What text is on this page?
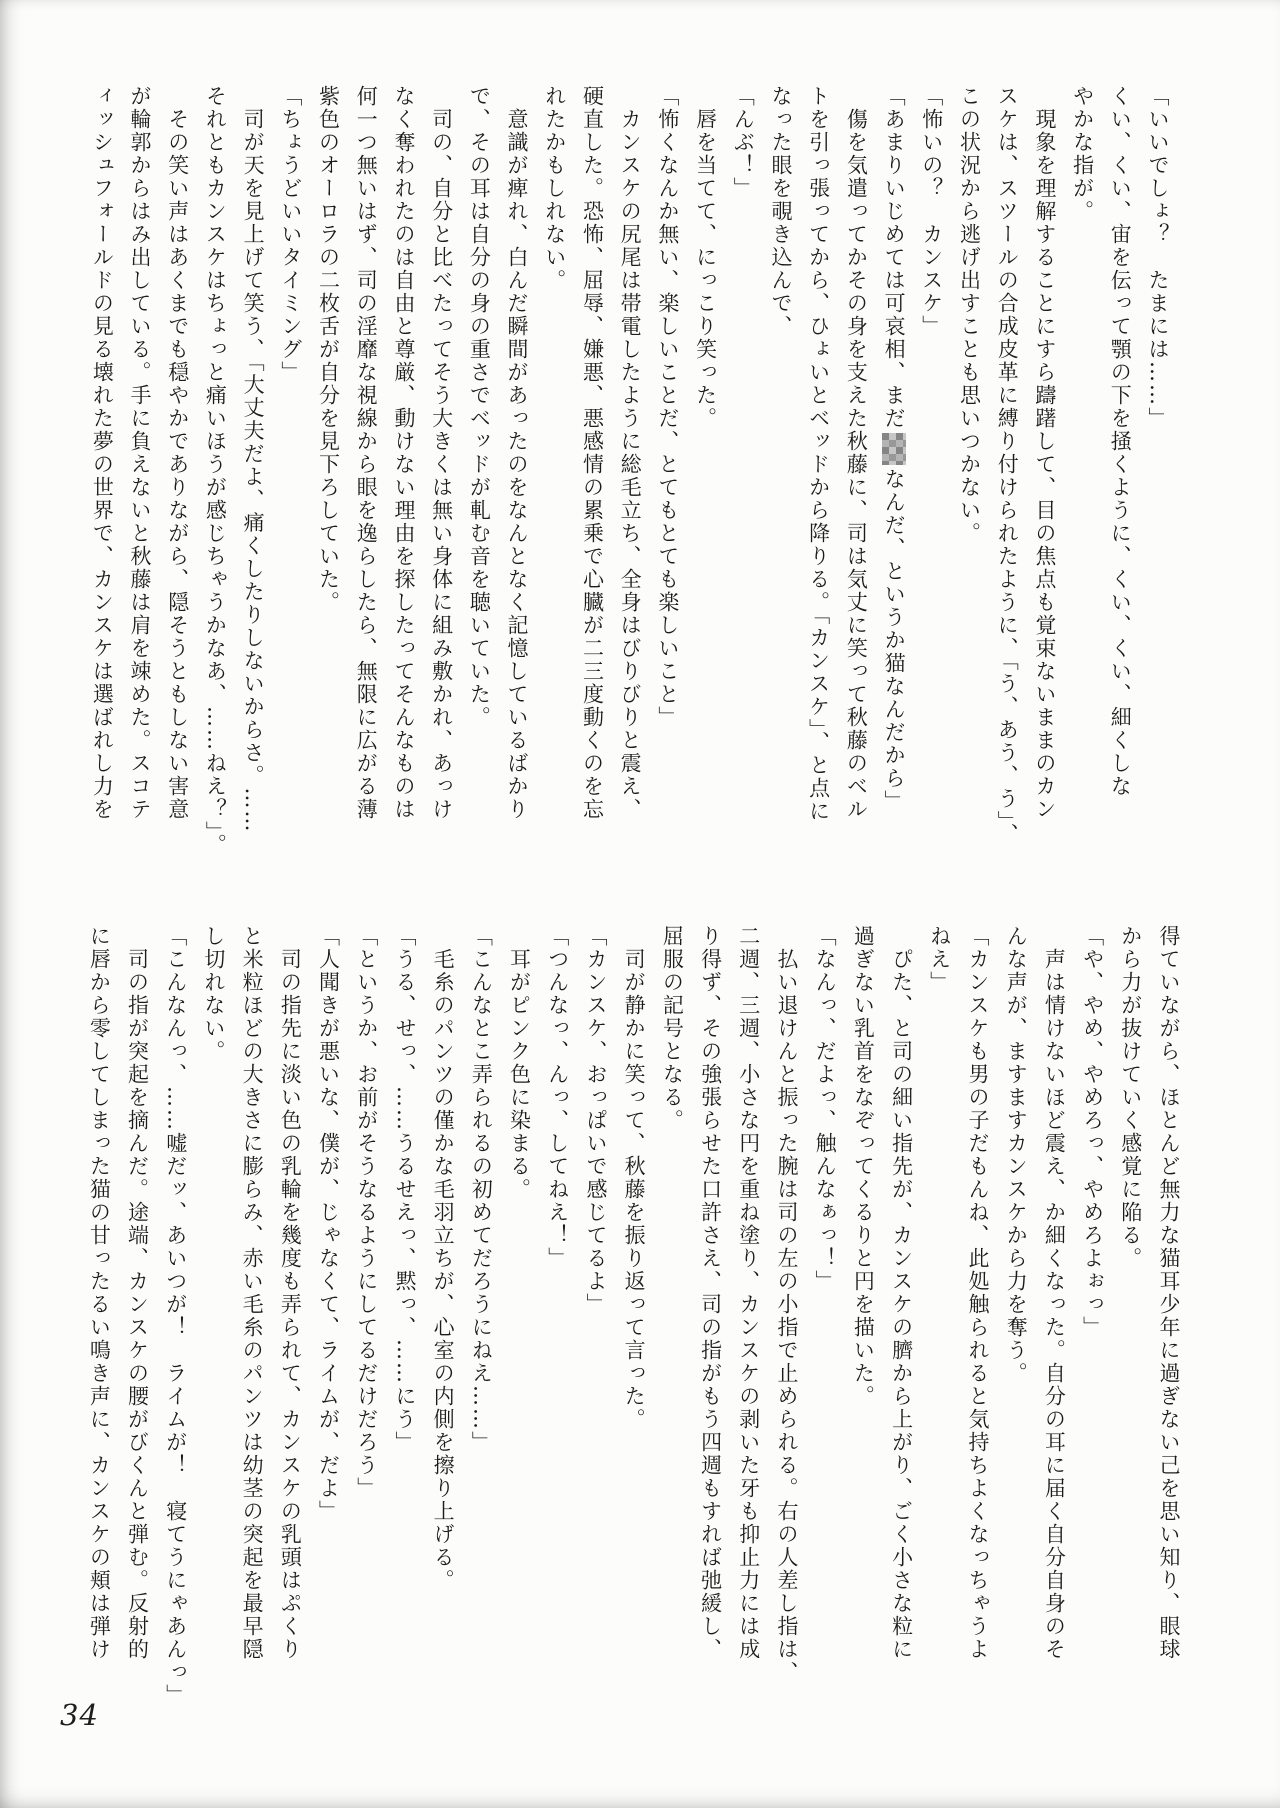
「いいでしょ？　たまには……」

くい、くい、宙を伝って顎の下を掻くように、くい、くい、細くしな

やかな指が。

　現象を理解することにすら躊躇して、目の焦点も覚束ないままのカン

スケは、スツールの合成皮革に縛り付けられたように、「う、あう、う」、

この状況から逃げ出すことも思いつかない。

「怖いの？　カンスケ」

「あまりいじめては可哀相、まだなんだ、というか猫なんだから」

　傷を気遣ってかその身を支えた秋藤に、司は気丈に笑って秋藤のベル

トを引っ張ってから、ひょいとベッドから降りる。「カンスケ」、と点に

なった眼を覗き込んで、

「んぶ！」

　唇を当てて、にっこり笑った。

「怖くなんか無い、楽しいことだ、とてもとても楽しいこと」

　カンスケの尻尾は帯電したように総毛立ち、全身はびりびりと震え、

硬直した。恐怖、屈辱、嫌悪、悪感情の累乗で心臓が二三度動くのを忘

れたかもしれない。

　意識が痺れ、白んだ瞬間があったのをなんとなく記憶しているばかり

で、その耳は自分の身の重さでベッドが軋む音を聴いていた。

　司の、自分と比べたってそう大きくは無い身体に組み敷かれ、あっけ

なく奪われたのは自由と尊厳、動けない理由を探したってそんなものは

何一つ無いはず、司の淫靡な視線から眼を逸らしたら、無限に広がる薄

紫色のオーロラの二枚舌が自分を見下ろしていた。

「ちょうどいいタイミング」

　司が天を見上げて笑う、「大丈夫だよ、痛くしたりしないからさ。……

それともカンスケはちょっと痛いほうが感じちゃうかなあ、……ねえ？」。

　その笑い声はあくまでも穏やかでありながら、隠そうともしない害意

が輪郭からはみ出している。手に負えないと秋藤は肩を竦めた。スコテ

ィッシュフォールドの見る壊れた夢の世界で、カンスケは選ばれし力を

得ていながら、ほとんど無力な猫耳少年に過ぎない己を思い知り、眼球

から力が抜けていく感覚に陥る。

「や、やめ、やめろっ、やめろよぉっ」

　声は情けないほど震え、か細くなった。自分の耳に届く自分自身のそ

んな声が、ますますカンスケから力を奪う。

「カンスケも男の子だもんね、此処触られると気持ちよくなっちゃうよ

ねえ」

　ぴた、と司の細い指先が、カンスケの臍から上がり、ごく小さな粒に

過ぎない乳首をなぞってくるりと円を描いた。

「なんっ、だよっ、触んなぁっ！」

　払い退けんと振った腕は司の左の小指で止められる。右の人差し指は、

二週、三週、小さな円を重ね塗り、カンスケの剥いた牙も抑止力には成

り得ず、その強張らせた口許さえ、司の指がもう四週もすれば弛緩し、

屈服の記号となる。

　司が静かに笑って、秋藤を振り返って言った。

「カンスケ、おっぱいで感じてるよ」

「つんなっ、んっ、してねえ！」

　耳がピンク色に染まる。

「こんなとこ弄られるの初めてだろうにねえ……」

　毛糸のパンツの僅かな毛羽立ちが、心室の内側を擦り上げる。

「うる、せっ、……うるせえっ、黙っ、……にう」

「というか、お前がそうなるようにしてるだけだろう」

「人聞きが悪いな、僕が、じゃなくて、ライムが、だよ」

　司の指先に淡い色の乳輪を幾度も弄られて、カンスケの乳頭はぷくり

と米粒ほどの大きさに膨らみ、赤い毛糸のパンツは幼茎の突起を最早隠

し切れない。

「こんなんっ、……嘘だッ、あいつが！　ライムが！　寝てうにゃあんっ」

　司の指が突起を摘んだ。途端、カンスケの腰がびくんと弾む。反射的

に唇から零してしまった猫の甘ったるい鳴き声に、カンスケの頬は弾け

34
